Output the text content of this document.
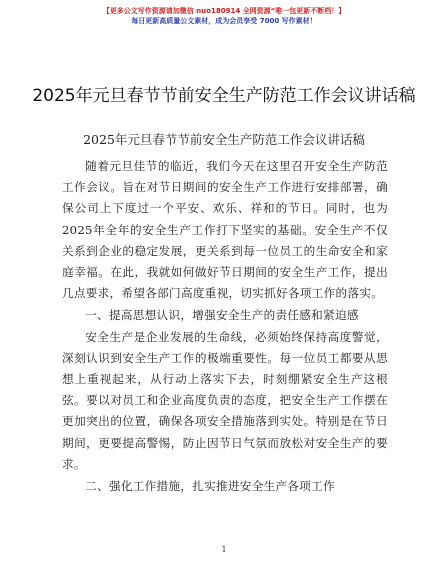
【更多公文写作资源请加微信 nuo180914 全网资源“唯一包更新不断档！】
每日更新高质量公文素材，成为会员享受 7000 写作素材！
2025年元旦春节节前安全生产防范工作会议讲话稿
2025年元旦春节节前安全生产防范工作会议讲话稿

随着元旦佳节的临近，我们今天在这里召开安全生产防范工作会议。旨在对节日期间的安全生产工作进行安排部署，确保公司上下度过一个平安、欢乐、祥和的节日。同时，也为2025年全年的安全生产工作打下坚实的基础。安全生产不仅关系到企业的稳定发展，更关系到每一位员工的生命安全和家庭幸福。在此，我就如何做好节日期间的安全生产工作，提出几点要求，希望各部门高度重视，切实抓好各项工作的落实。

一、提高思想认识，增强安全生产的责任感和紧迫感

安全生产是企业发展的生命线，必须始终保持高度警觉，深刻认识到安全生产工作的极端重要性。每一位员工都要从思想上重视起来，从行动上落实下去，时刻绷紧安全生产这根弦。要以对员工和企业高度负责的态度，把安全生产工作摆在更加突出的位置，确保各项安全措施落到实处。特别是在节日期间，更要提高警惕，防止因节日气氛而放松对安全生产的要求。

二、强化工作措施，扎实推进安全生产各项工作

1
